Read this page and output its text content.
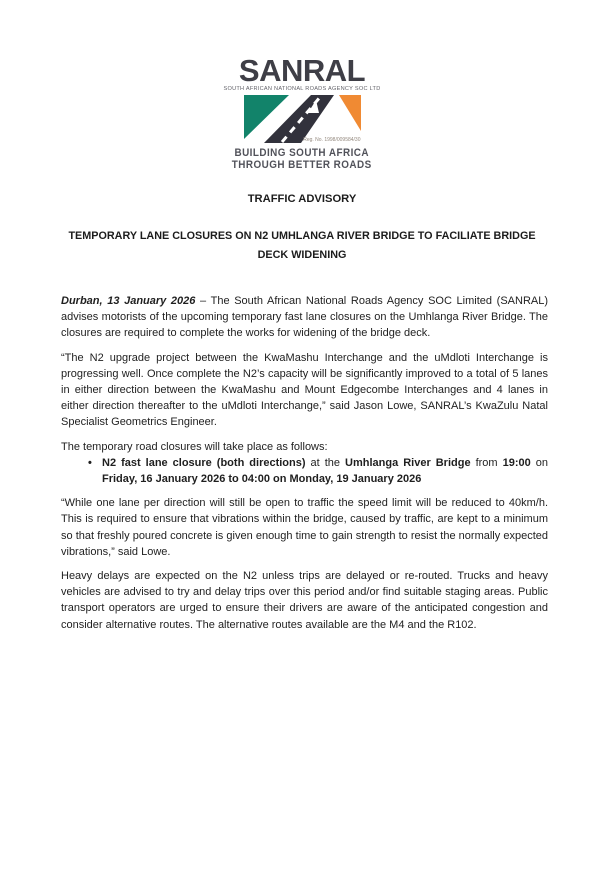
SANRAL
SOUTH AFRICAN NATIONAL ROADS AGENCY SOC LTD
Reg. No. 1998/009584/30
BUILDING SOUTH AFRICA
THROUGH BETTER ROADS
TRAFFIC ADVISORY
TEMPORARY LANE CLOSURES ON N2 UMHLANGA RIVER BRIDGE TO FACILIATE BRIDGE
DECK WIDENING

Durban, 13 January 2026 – The South African National Roads Agency SOC Limited (SANRAL) advises motorists of the upcoming temporary fast lane closures on the Umhlanga River Bridge. The closures are required to complete the works for widening of the bridge deck.

“The N2 upgrade project between the KwaMashu Interchange and the uMdloti Interchange is progressing well. Once complete the N2’s capacity will be significantly improved to a total of 5 lanes in either direction between the KwaMashu and Mount Edgecombe Interchanges and 4 lanes in either direction thereafter to the uMdloti Interchange,” said Jason Lowe, SANRAL’s KwaZulu Natal Specialist Geometrics Engineer.

The temporary road closures will take place as follows:

• N2 fast lane closure (both directions) at the Umhlanga River Bridge from 19:00 on Friday, 16 January 2026 to 04:00 on Monday, 19 January 2026

“While one lane per direction will still be open to traffic the speed limit will be reduced to 40km/h. This is required to ensure that vibrations within the bridge, caused by traffic, are kept to a minimum so that freshly poured concrete is given enough time to gain strength to resist the normally expected vibrations,” said Lowe.

Heavy delays are expected on the N2 unless trips are delayed or re-routed. Trucks and heavy vehicles are advised to try and delay trips over this period and/or find suitable staging areas. Public transport operators are urged to ensure their drivers are aware of the anticipated congestion and consider alternative routes. The alternative routes available are the M4 and the R102.
